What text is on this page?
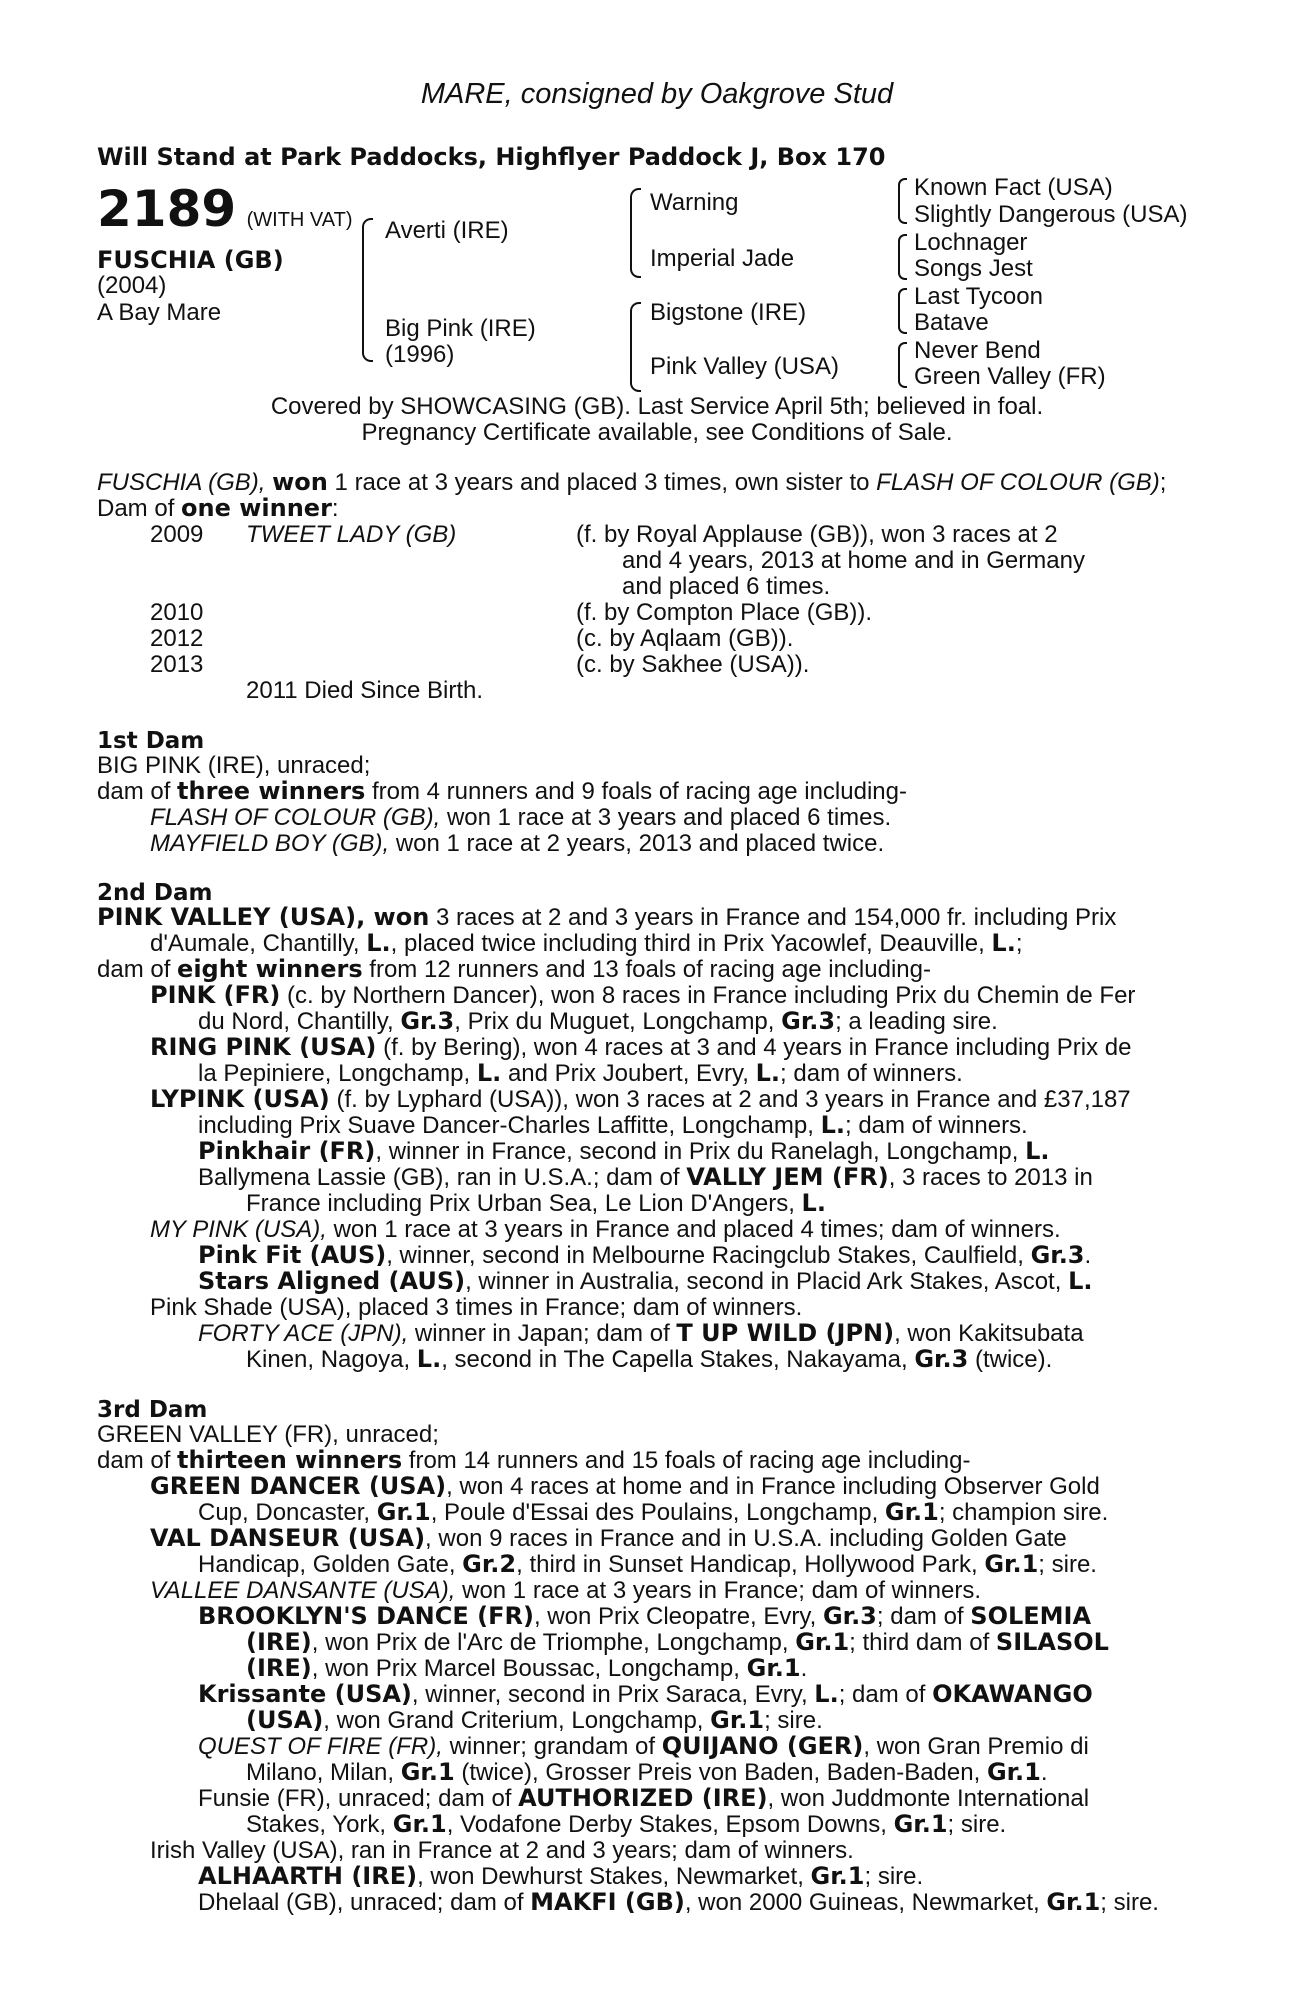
MARE, consigned by Oakgrove Stud
Will Stand at Park Paddocks, Highflyer Paddock J, Box 170
2189 (WITH VAT)
FUSCHIA (GB)
(2004)
A Bay Mare
Averti (IRE)
Big Pink (IRE)
(1996)
Warning
Imperial Jade
Bigstone (IRE)
Pink Valley (USA)
Known Fact (USA)
Slightly Dangerous (USA)
Lochnager
Songs Jest
Last Tycoon
Batave
Never Bend
Green Valley (FR)
Covered by SHOWCASING (GB). Last Service April 5th; believed in foal.
Pregnancy Certificate available, see Conditions of Sale.
FUSCHIA (GB), won 1 race at 3 years and placed 3 times, own sister to FLASH OF COLOUR (GB);
Dam of one winner:
2009 TWEET LADY (GB)	(f. by Royal Applause (GB)), won 3 races at 2
and 4 years, 2013 at home and in Germany
and placed 6 times.
2010	(f. by Compton Place (GB)).
2012	(c. by Aqlaam (GB)).
2013	(c. by Sakhee (USA)).
2011 Died Since Birth.
1st Dam
BIG PINK (IRE), unraced;
dam of three winners from 4 runners and 9 foals of racing age including-
FLASH OF COLOUR (GB), won 1 race at 3 years and placed 6 times.
MAYFIELD BOY (GB), won 1 race at 2 years, 2013 and placed twice.
2nd Dam
PINK VALLEY (USA), won 3 races at 2 and 3 years in France and 154,000 fr. including Prix
d'Aumale, Chantilly, L., placed twice including third in Prix Yacowlef, Deauville, L.;
dam of eight winners from 12 runners and 13 foals of racing age including-
PINK (FR) (c. by Northern Dancer), won 8 races in France including Prix du Chemin de Fer
du Nord, Chantilly, Gr.3, Prix du Muguet, Longchamp, Gr.3; a leading sire.
RING PINK (USA) (f. by Bering), won 4 races at 3 and 4 years in France including Prix de
la Pepiniere, Longchamp, L. and Prix Joubert, Evry, L.; dam of winners.
LYPINK (USA) (f. by Lyphard (USA)), won 3 races at 2 and 3 years in France and £37,187
including Prix Suave Dancer-Charles Laffitte, Longchamp, L.; dam of winners.
Pinkhair (FR), winner in France, second in Prix du Ranelagh, Longchamp, L.
Ballymena Lassie (GB), ran in U.S.A.; dam of VALLY JEM (FR), 3 races to 2013 in
France including Prix Urban Sea, Le Lion D'Angers, L.
MY PINK (USA), won 1 race at 3 years in France and placed 4 times; dam of winners.
Pink Fit (AUS), winner, second in Melbourne Racingclub Stakes, Caulfield, Gr.3.
Stars Aligned (AUS), winner in Australia, second in Placid Ark Stakes, Ascot, L.
Pink Shade (USA), placed 3 times in France; dam of winners.
FORTY ACE (JPN), winner in Japan; dam of T UP WILD (JPN), won Kakitsubata
Kinen, Nagoya, L., second in The Capella Stakes, Nakayama, Gr.3 (twice).
3rd Dam
GREEN VALLEY (FR), unraced;
dam of thirteen winners from 14 runners and 15 foals of racing age including-
GREEN DANCER (USA), won 4 races at home and in France including Observer Gold
Cup, Doncaster, Gr.1, Poule d'Essai des Poulains, Longchamp, Gr.1; champion sire.
VAL DANSEUR (USA), won 9 races in France and in U.S.A. including Golden Gate
Handicap, Golden Gate, Gr.2, third in Sunset Handicap, Hollywood Park, Gr.1; sire.
VALLEE DANSANTE (USA), won 1 race at 3 years in France; dam of winners.
BROOKLYN'S DANCE (FR), won Prix Cleopatre, Evry, Gr.3; dam of SOLEMIA
(IRE), won Prix de l'Arc de Triomphe, Longchamp, Gr.1; third dam of SILASOL
(IRE), won Prix Marcel Boussac, Longchamp, Gr.1.
Krissante (USA), winner, second in Prix Saraca, Evry, L.; dam of OKAWANGO
(USA), won Grand Criterium, Longchamp, Gr.1; sire.
QUEST OF FIRE (FR), winner; grandam of QUIJANO (GER), won Gran Premio di
Milano, Milan, Gr.1 (twice), Grosser Preis von Baden, Baden-Baden, Gr.1.
Funsie (FR), unraced; dam of AUTHORIZED (IRE), won Juddmonte International
Stakes, York, Gr.1, Vodafone Derby Stakes, Epsom Downs, Gr.1; sire.
Irish Valley (USA), ran in France at 2 and 3 years; dam of winners.
ALHAARTH (IRE), won Dewhurst Stakes, Newmarket, Gr.1; sire.
Dhelaal (GB), unraced; dam of MAKFI (GB), won 2000 Guineas, Newmarket, Gr.1; sire.
